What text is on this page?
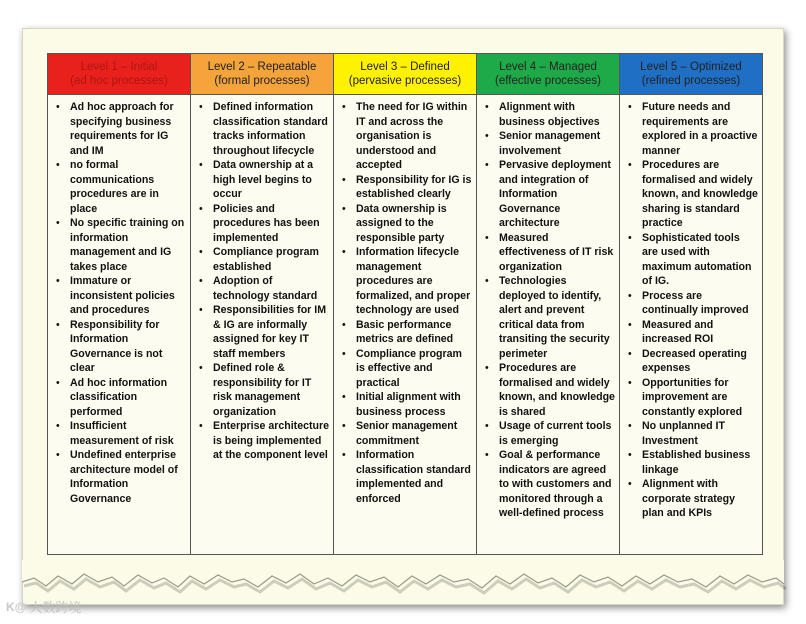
Level 1 – Initial
(ad hoc processes)
• Ad hoc approach for specifying business requirements for IG and IM
• no formal communications procedures are in place
• No specific training on information management and IG takes place
• Immature or inconsistent policies and procedures
• Responsibility for Information Governance is not clear
• Ad hoc information classification performed
• Insufficient measurement of risk
• Undefined enterprise architecture model of Information Governance
Level 2 – Repeatable
(formal processes)
• Defined information classification standard tracks information throughout lifecycle
• Data ownership at a high level begins to occur
• Policies and procedures has been implemented
• Compliance program established
• Adoption of technology standard
• Responsibilities for IM & IG are informally assigned for key IT staff members
• Defined role & responsibility for IT risk management organization
• Enterprise architecture is being implemented at the component level
Level 3 – Defined
(pervasive processes)
• The need for IG within IT and across the organisation is understood and accepted
• Responsibility for IG is established clearly
• Data ownership is assigned to the responsible party
• Information lifecycle management procedures are formalized, and proper technology are used
• Basic performance metrics are defined
• Compliance program is effective and practical
• Initial alignment with business process
• Senior management commitment
• Information classification standard implemented and enforced
Level 4 – Managed
(effective processes)
• Alignment with business objectives
• Senior management involvement
• Pervasive deployment and integration of Information Governance architecture
• Measured effectiveness of IT risk organization
• Technologies deployed to identify, alert and prevent critical data from transiting the security perimeter
• Procedures are formalised and widely known, and knowledge is shared
• Usage of current tools is emerging
• Goal & performance indicators are agreed to with customers and monitored through a well-defined process
Level 5 – Optimized
(refined processes)
• Future needs and requirements are explored in a proactive manner
• Procedures are formalised and widely known, and knowledge sharing is standard practice
• Sophisticated tools are used with maximum automation of IG.
• Process are continually improved
• Measured and increased ROI
• Decreased operating expenses
• Opportunities for improvement are constantly explored
• No unplanned IT Investment
• Established business linkage
• Alignment with corporate strategy plan and KPIs
K@ 大数跨境
